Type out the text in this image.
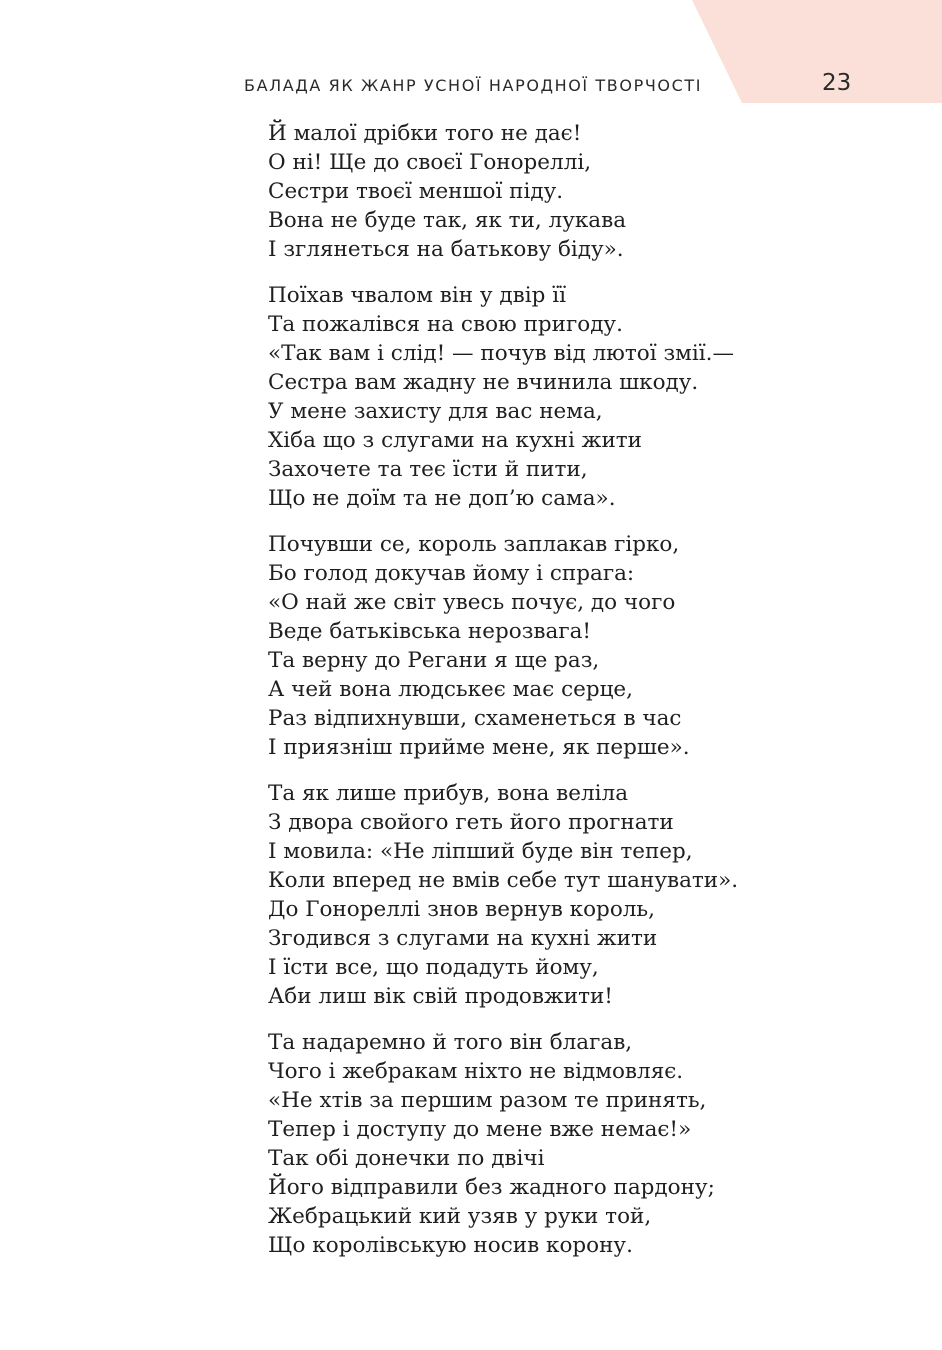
БАЛАДА ЯК ЖАНР УСНОЇ НАРОДНОЇ ТВОРЧОСТІ	23
Й малої дрібки того не дає!
О ні! Ще до своєї Гонореллі,
Сестри твоєї меншої піду.
Вона не буде так, як ти, лукава
І зглянеться на батькову біду».
Поїхав чвалом він у двір її
Та пожалівся на свою пригоду.
«Так вам і слід! — почув від лютої змії.—
Сестра вам жадну не вчинила шкоду.
У мене захисту для вас нема,
Хіба що з слугами на кухні жити
Захочете та теє їсти й пити,
Що не доїм та не доп’ю сама».
Почувши се, король заплакав гірко,
Бо голод докучав йому і спрага:
«О най же світ увесь почує, до чого
Веде батьківська нерозвага!
Та верну до Регани я ще раз,
А чей вона людськеє має серце,
Раз відпихнувши, схаменеться в час
І приязніш прийме мене, як перше».
Та як лише прибув, вона веліла
З двора свойого геть його прогнати
І мовила: «Не ліпший буде він тепер,
Коли вперед не вмів себе тут шанувати».
До Гонореллі знов вернув король,
Згодився з слугами на кухні жити
І їсти все, що подадуть йому,
Аби лиш вік свій продовжити!
Та надаремно й того він благав,
Чого і жебракам ніхто не відмовляє.
«Не хтів за першим разом те принять,
Тепер і доступу до мене вже немає!»
Так обі донечки по двічі
Його відправили без жадного пардону;
Жебрацький кий узяв у руки той,
Що королівськую носив корону.
